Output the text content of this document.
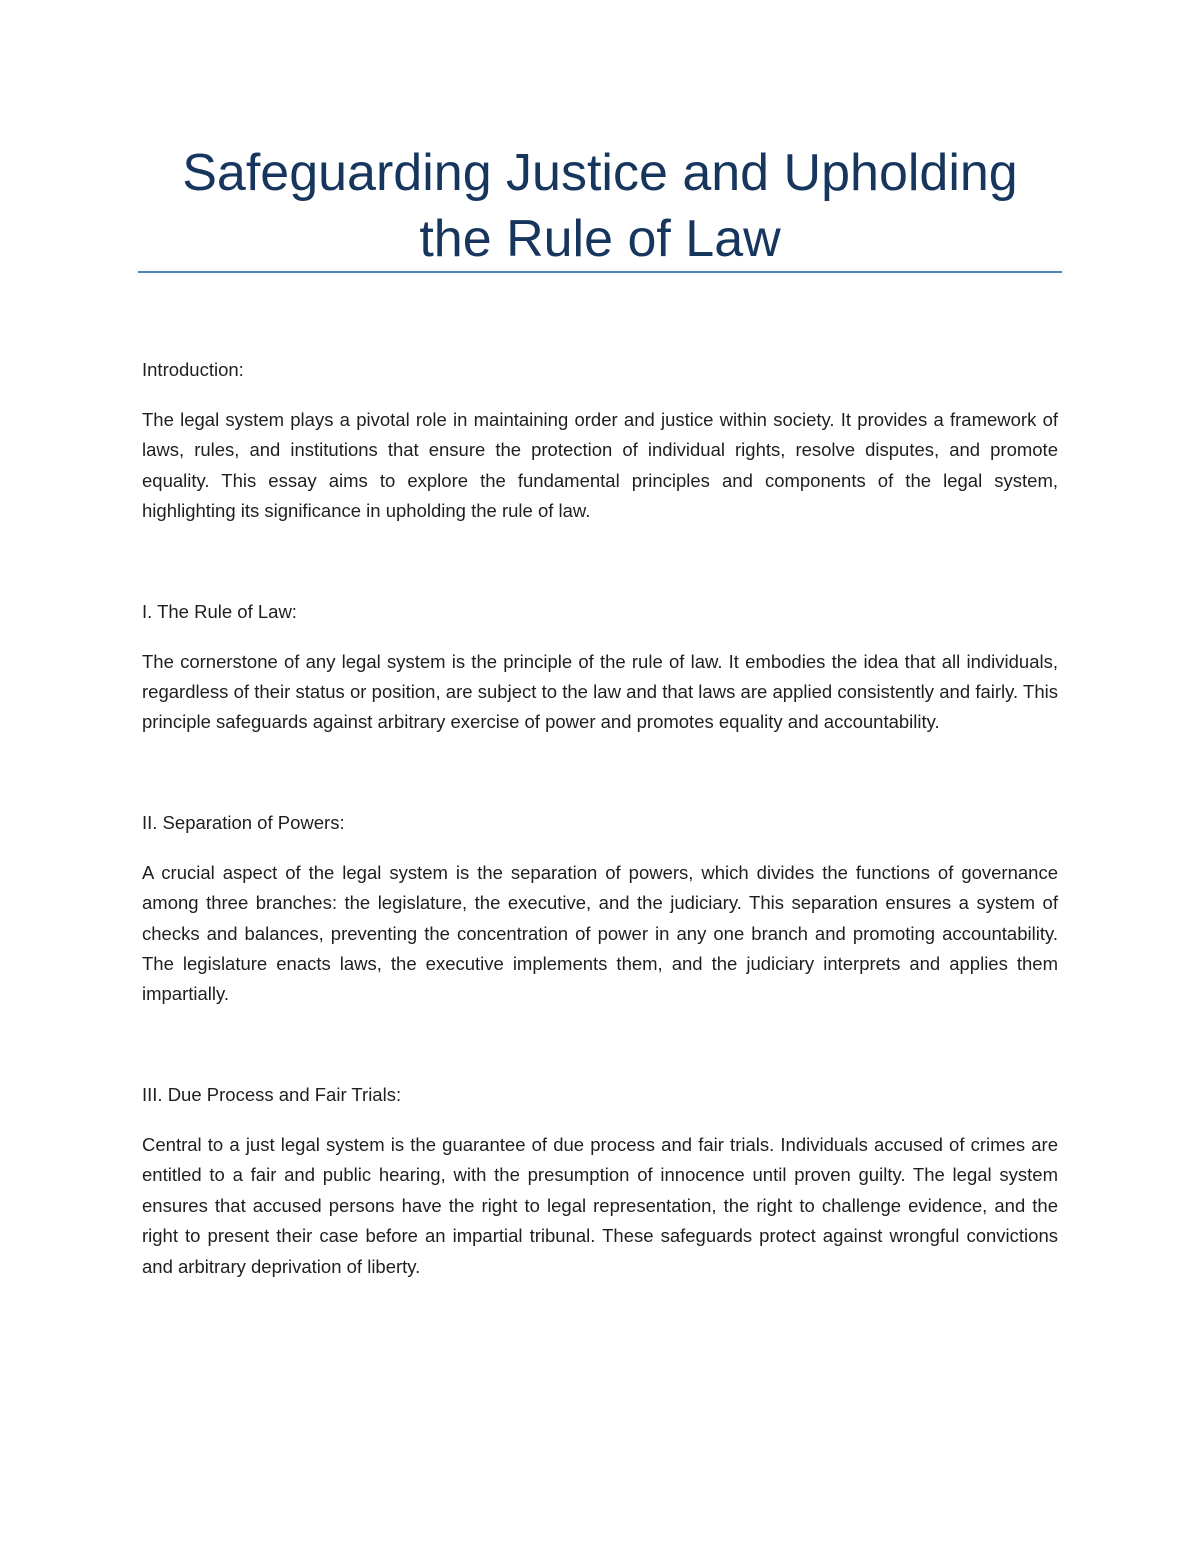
Safeguarding Justice and Upholding
the Rule of Law
Introduction:

The legal system plays a pivotal role in maintaining order and justice within society. It provides a framework of laws, rules, and institutions that ensure the protection of individual rights, resolve disputes, and promote equality. This essay aims to explore the fundamental principles and components of the legal system, highlighting its significance in upholding the rule of law.

I. The Rule of Law:

The cornerstone of any legal system is the principle of the rule of law. It embodies the idea that all individuals, regardless of their status or position, are subject to the law and that laws are applied consistently and fairly. This principle safeguards against arbitrary exercise of power and promotes equality and accountability.

II. Separation of Powers:

A crucial aspect of the legal system is the separation of powers, which divides the functions of governance among three branches: the legislature, the executive, and the judiciary. This separation ensures a system of checks and balances, preventing the concentration of power in any one branch and promoting accountability. The legislature enacts laws, the executive implements them, and the judiciary interprets and applies them impartially.

III. Due Process and Fair Trials:

Central to a just legal system is the guarantee of due process and fair trials. Individuals accused of crimes are entitled to a fair and public hearing, with the presumption of innocence until proven guilty. The legal system ensures that accused persons have the right to legal representation, the right to challenge evidence, and the right to present their case before an impartial tribunal. These safeguards protect against wrongful convictions and arbitrary deprivation of liberty.
